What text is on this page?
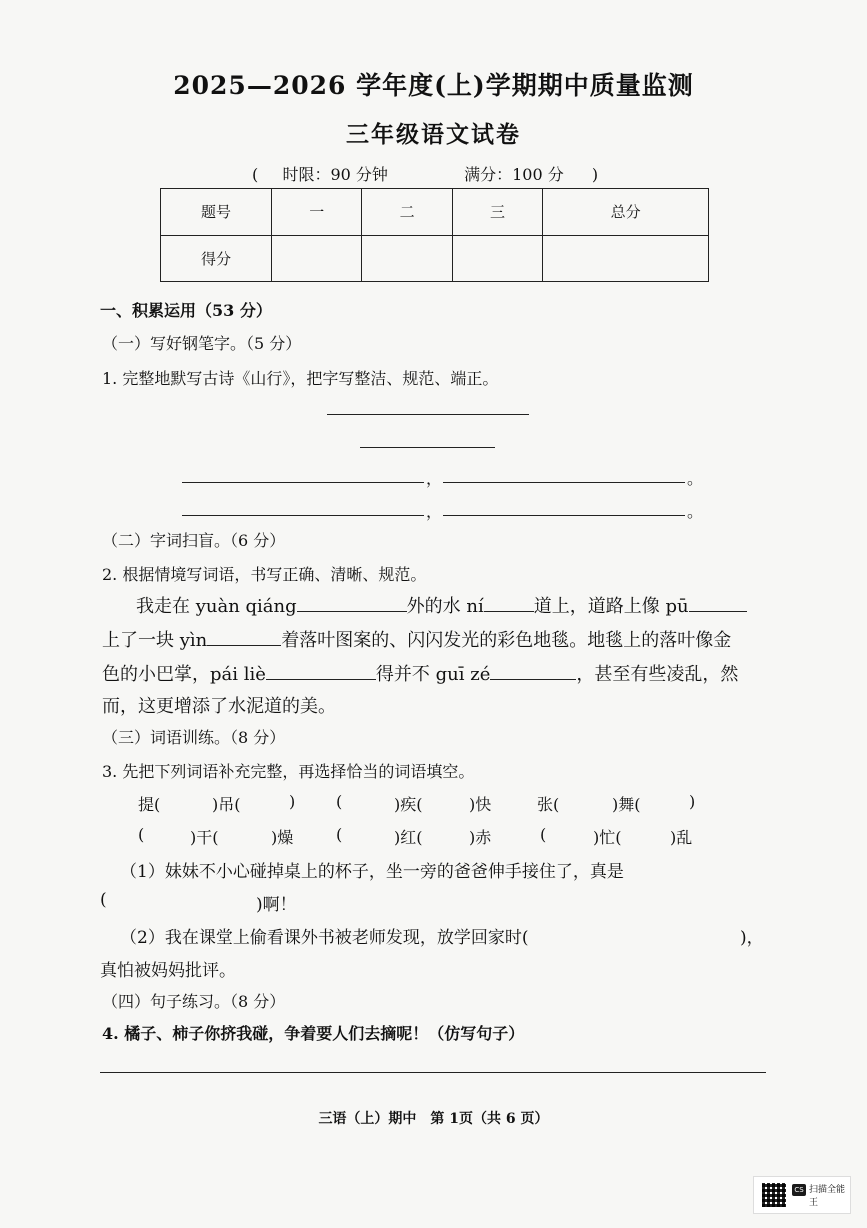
2025—2026 学年度(上)学期期中质量监测
三年级语文试卷
( 时限：90 分钟	满分：100 分 )
题号	一	二	三	总分
得分				
一、积累运用（53 分）
（一）写好钢笔字。（5 分）
1. 完整地默写古诗《山行》，把字写整洁、规范、端正。
，	。
，	。
（二）字词扫盲。（6 分）
2. 根据情境写词语，书写正确、清晰、规范。
我走在 yuàn qiáng	外的水 ní	道上，道路上像 pū
上了一块 yìn	着落叶图案的、闪闪发光的彩色地毯。地毯上的落叶像金
色的小巴掌，pái liè	得并不 guī zé	，甚至有些凌乱，然
而，这更增添了水泥道的美。
（三）词语训练。（8 分）
3. 先把下列词语补充完整，再选择恰当的词语填空。
提(	)吊(	)	(	)疾(	)快	张(	)舞(	)
(	)干(	)燥	(	)红(	)赤	(	)忙(	)乱
（1）妹妹不小心碰掉桌上的杯子，坐一旁的爸爸伸手接住了，真是
(	)啊！
（2）我在课堂上偷看课外书被老师发现，放学回家时(	)，
真怕被妈妈批评。
（四）句子练习。（8 分）
4. 橘子、柿子你挤我碰，争着要人们去摘呢！（仿写句子）
三语（上）期中　第 1页（共 6 页）
CS 扫描全能王
